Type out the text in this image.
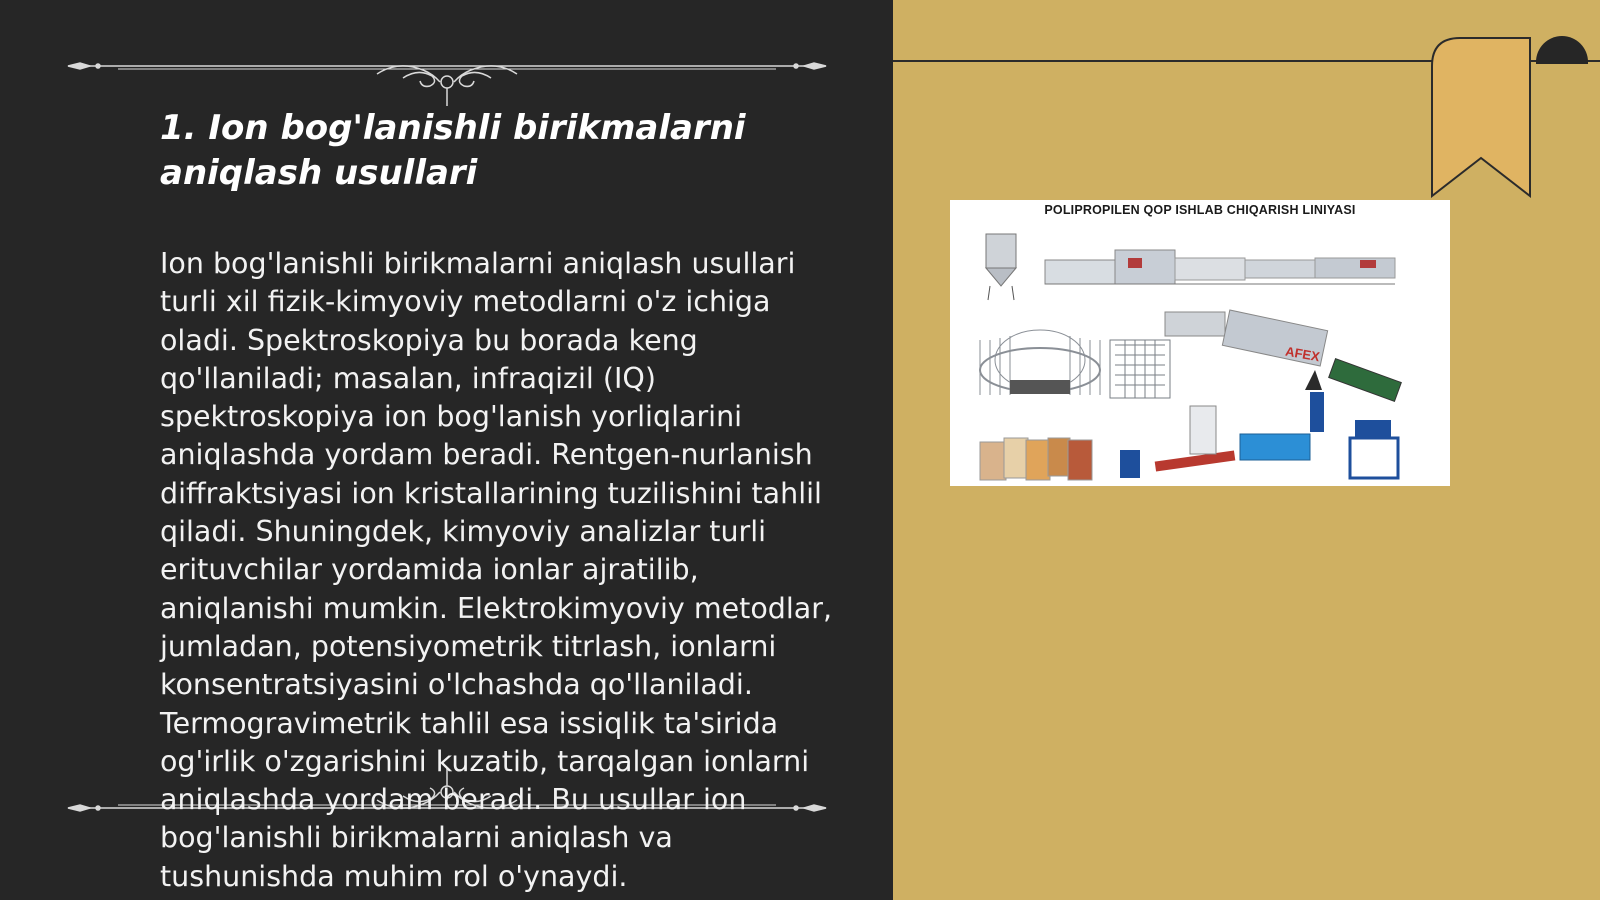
1. Ion bog'lanishli birikmalarni aniqlash usullari

Ion bog'lanishli birikmalarni aniqlash usullari turli xil fizik-kimyoviy metodlarni o'z ichiga oladi. Spektroskopiya bu borada keng qo'llaniladi; masalan, infraqizil (IQ) spektroskopiya ion bog'lanish yorliqlarini aniqlashda yordam beradi. Rentgen-nurlanish diffraktsiyasi ion kristallarining tuzilishini tahlil qiladi. Shuningdek, kimyoviy analizlar turli erituvchilar yordamida ionlar ajratilib, aniqlanishi mumkin. Elektrokimyoviy metodlar, jumladan, potensiyometrik titrlash, ionlarni konsentratsiyasini o'lchashda qo'llaniladi. Termogravimetrik tahlil esa issiqlik ta'sirida og'irlik o'zgarishini kuzatib, tarqalgan ionlarni aniqlashda yordam beradi. Bu usullar ion bog'lanishli birikmalarni aniqlash va tushunishda muhim rol o'ynaydi.

POLIPROPILEN QOP ISHLAB CHIQARISH LINIYASI
AFEX
